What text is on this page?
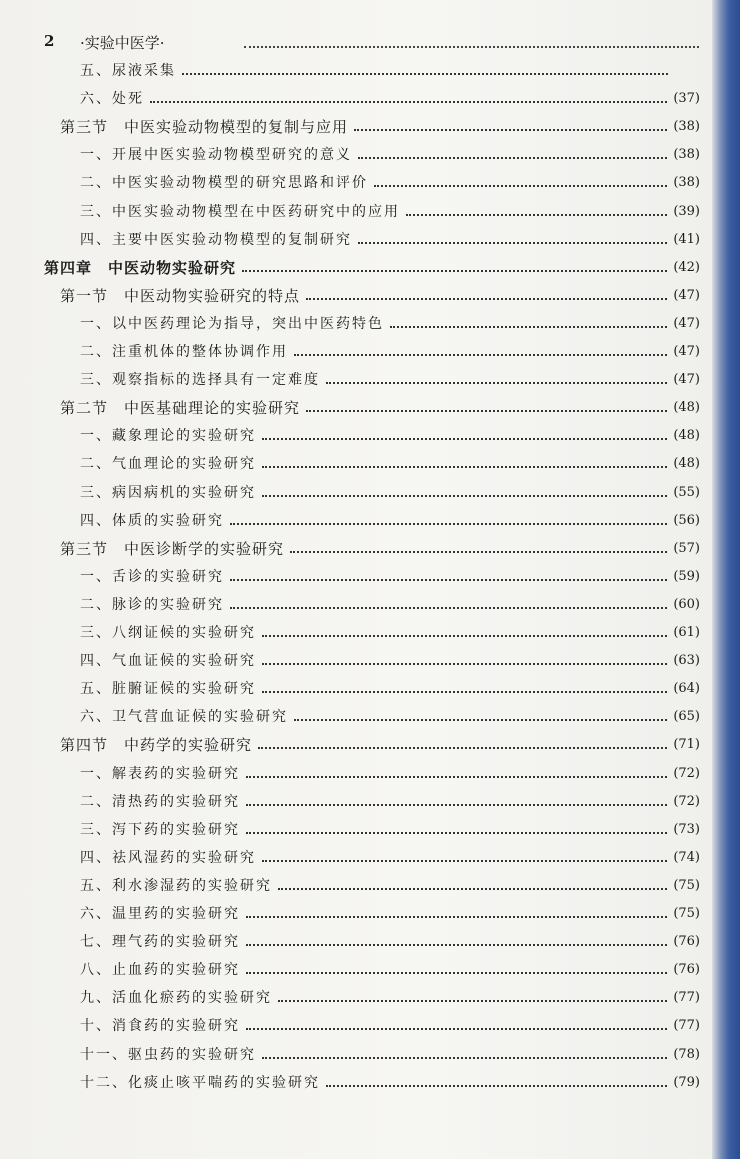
2 ·实验中医学·
五、尿液采集
六、处死	(37)
第三节　中医实验动物模型的复制与应用	(38)
一、开展中医实验动物模型研究的意义	(38)
二、中医实验动物模型的研究思路和评价	(38)
三、中医实验动物模型在中医药研究中的应用	(39)
四、主要中医实验动物模型的复制研究	(41)
第四章　中医动物实验研究	(42)
第一节　中医动物实验研究的特点	(47)
一、以中医药理论为指导，突出中医药特色	(47)
二、注重机体的整体协调作用	(47)
三、观察指标的选择具有一定难度	(47)
第二节　中医基础理论的实验研究	(48)
一、藏象理论的实验研究	(48)
二、气血理论的实验研究	(48)
三、病因病机的实验研究	(55)
四、体质的实验研究	(56)
第三节　中医诊断学的实验研究	(57)
一、舌诊的实验研究	(59)
二、脉诊的实验研究	(60)
三、八纲证候的实验研究	(61)
四、气血证候的实验研究	(63)
五、脏腑证候的实验研究	(64)
六、卫气营血证候的实验研究	(65)
第四节　中药学的实验研究	(71)
一、解表药的实验研究	(72)
二、清热药的实验研究	(72)
三、泻下药的实验研究	(73)
四、祛风湿药的实验研究	(74)
五、利水渗湿药的实验研究	(75)
六、温里药的实验研究	(75)
七、理气药的实验研究	(76)
八、止血药的实验研究	(76)
九、活血化瘀药的实验研究	(77)
十、消食药的实验研究	(77)
十一、驱虫药的实验研究	(78)
十二、化痰止咳平喘药的实验研究	(79)
